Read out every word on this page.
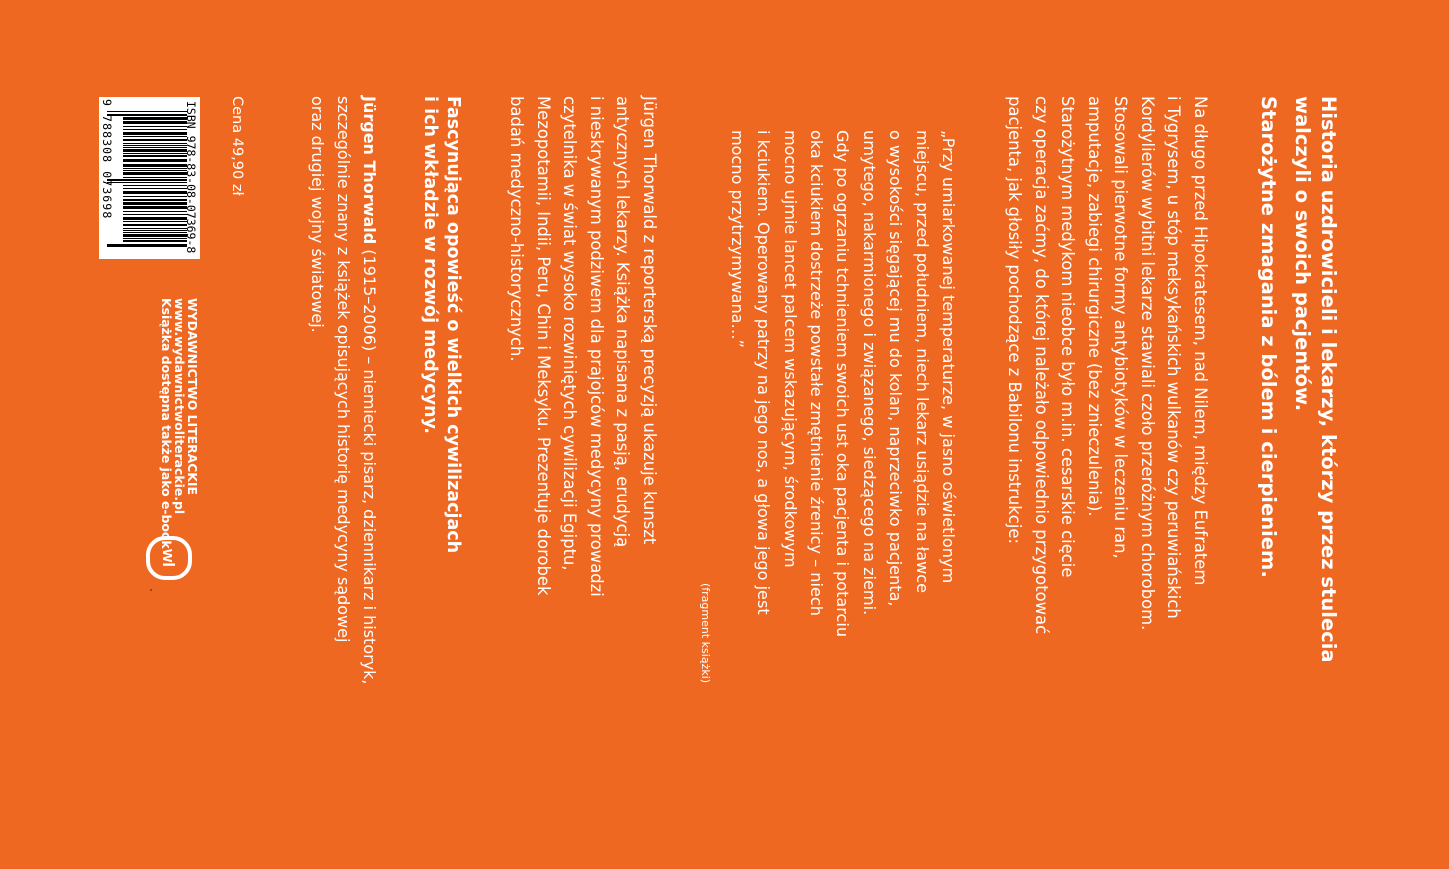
Historia uzdrowicieli i lekarzy, którzy przez stulecia
walczyli o swoich pacjentów.
Starożytne zmagania z bólem i cierpieniem.
Na długo przed Hipokratesem, nad Nilem, między Eufratem
i Tygrysem, u stóp meksykańskich wulkanów czy peruwiańskich
Kordylierów wybitni lekarze stawiali czoło przeróżnym chorobom.
Stosowali pierwotne formy antybiotyków w leczeniu ran,
amputacje, zabiegi chirurgiczne (bez znieczulenia).
Starożytnym medykom nieobce było m.in. cesarskie cięcie
czy operacja zaćmy, do której należało odpowiednio przygotować
pacjenta, jak głosiły pochodzące z Babilonu instrukcje:
„Przy umiarkowanej temperaturze, w jasno oświetlonym
miejscu, przed południem, niech lekarz usiądzie na ławce
o wysokości sięgającej mu do kolan, naprzeciwko pacjenta,
umytego, nakarmionego i związanego, siedzącego na ziemi.
Gdy po ogrzaniu tchnieniem swoich ust oka pacjenta i potarciu
oka kciukiem dostrzeże powstałe zmętnienie źrenicy – niech
mocno ujmie lancet palcem wskazującym, środkowym
i kciukiem. Operowany patrzy na jego nos, a głowa jego jest
mocno przytrzymywana…”
(fragment książki)
Jürgen Thorwald z reporterską precyzją ukazuje kunszt
antycznych lekarzy. Książka napisana z pasją, erudycją
i nieskrywanym podziwem dla prajojców medycyny prowadzi
czytelnika w świat wysoko rozwiniętych cywilizacji Egiptu,
Mezopotamii, Indii, Peru, Chin i Meksyku. Prezentuje dorobek
badań medyczno-historycznych.
Fascynująca opowieść o wielkich cywilizacjach
i ich wkładzie w rozwój medycyny.
Jürgen Thorwald (1915–2006) – niemiecki pisarz, dziennikarz i historyk,
szczególnie znany z książek opisujących historię medycyny sądowej
oraz drugiej wojny światowej.
Cena 49,90 zł
ISBN 978-83-08-07369-8
9 788308 073698
WYDAWNICTWO LITERACKIE
www.wydawnictwoliterackie.pl
Książka dostępna także jako e-book
wl
